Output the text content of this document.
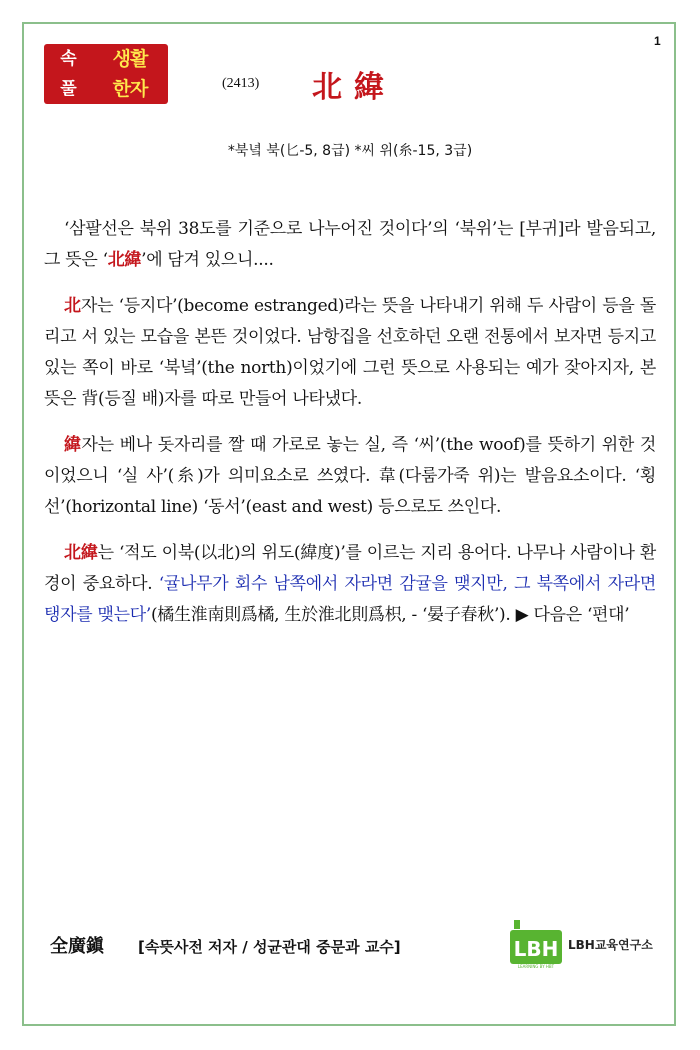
1
속 생활
풀 한자	(2413) 北緯
*북녘 북(匕-5, 8급) *씨 위(糸-15, 3급)

‘삼팔선은 북위 38도를 기준으로 나누어진 것이다’의 ‘북위’는 [부귀]라 발음되고, 그 뜻은 ‘北緯’에 담겨 있으니....

北자는 ‘등지다’(become estranged)라는 뜻을 나타내기 위해 두 사람이 등을 돌리고 서 있는 모습을 본뜬 것이었다. 남항집을 선호하던 오랜 전통에서 보자면 등지고 있는 쪽이 바로 ‘북녘’(the north)이었기에 그런 뜻으로 사용되는 예가 잦아지자, 본뜻은 背(등질 배)자를 따로 만들어 나타냈다.

緯자는 베나 돗자리를 짤 때 가로로 놓는 실, 즉 ‘씨’(the woof)를 뜻하기 위한 것이었으니 ‘실 사’(糸)가 의미요소로 쓰였다. 韋(다룸가죽 위)는 발음요소이다. ‘횡선’(horizontal line) ‘동서’(east and west) 등으로도 쓰인다.

北緯는 ‘적도 이북(以北)의 위도(緯度)’를 이르는 지리 용어다. 나무나 사람이나 환경이 중요하다. ‘귤나무가 회수 남쪽에서 자라면 감귤을 맺지만, 그 북쪽에서 자라면 탱자를 맺는다’(橘生淮南則爲橘, 生於淮北則爲枳, - ‘晏子春秋’). ▶ 다음은 ‘편대’

全廣鎭 [속뜻사전 저자 / 성균관대 중문과 교수]	LBH
LEARNING BY HBT
LBH교육연구소
